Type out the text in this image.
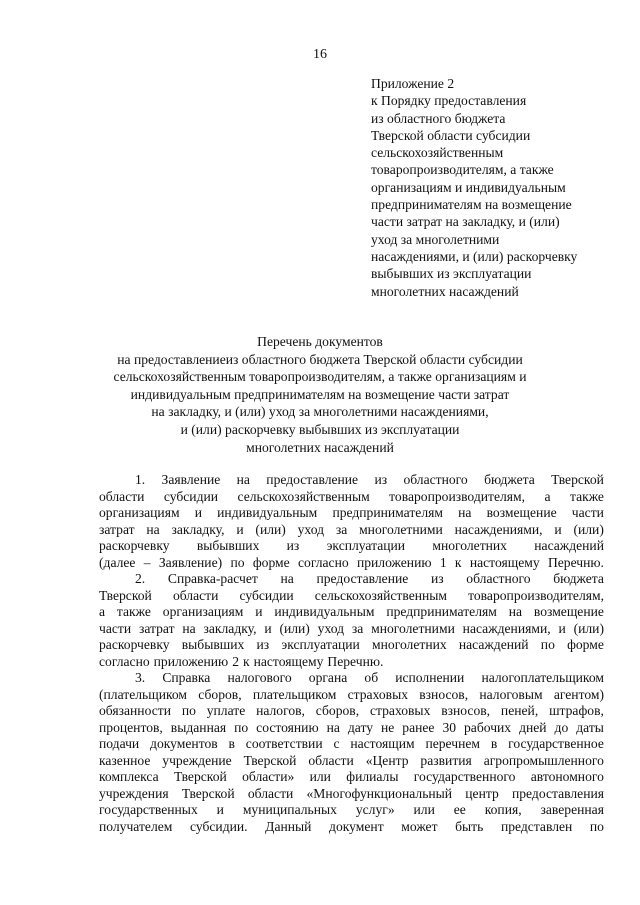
16
Приложение 2
к Порядку предоставления
из областного бюджета
Тверской области субсидии
сельскохозяйственным
товаропроизводителям, а также
организациям и индивидуальным
предпринимателям на возмещение
части затрат на закладку, и (или)
уход за многолетними
насаждениями, и (или) раскорчевку
выбывших из эксплуатации
многолетних насаждений
Перечень документов
на предоставлениеиз областного бюджета Тверской области субсидии
сельскохозяйственным товаропроизводителям, а также организациям и
индивидуальным предпринимателям на возмещение части затрат
на закладку, и (или) уход за многолетними насаждениями,
и (или) раскорчевку выбывших из эксплуатации
многолетних насаждений
1. Заявление на предоставление из областного бюджета Тверской
области субсидии сельскохозяйственным товаропроизводителям, а также
организациям и индивидуальным предпринимателям на возмещение части
затрат на закладку, и (или) уход за многолетними насаждениями, и (или)
раскорчевку выбывших из эксплуатации многолетних насаждений
(далее – Заявление) по форме согласно приложению 1 к настоящему Перечню.
2. Справка-расчет на предоставление из областного бюджета
Тверской области субсидии сельскохозяйственным товаропроизводителям,
а также организациям и индивидуальным предпринимателям на возмещение
части затрат на закладку, и (или) уход за многолетними насаждениями, и (или)
раскорчевку выбывших из эксплуатации многолетних насаждений по форме
согласно приложению 2 к настоящему Перечню.
3. Справка налогового органа об исполнении налогоплательщиком
(плательщиком сборов, плательщиком страховых взносов, налоговым агентом)
обязанности по уплате налогов, сборов, страховых взносов, пеней, штрафов,
процентов, выданная по состоянию на дату не ранее 30 рабочих дней до даты
подачи документов в соответствии с настоящим перечнем в государственное
казенное учреждение Тверской области «Центр развития агропромышленного
комплекса Тверской области» или филиалы государственного автономного
учреждения Тверской области «Многофункциональный центр предоставления
государственных и муниципальных услуг» или ее копия, заверенная
получателем субсидии. Данный документ может быть представлен по
